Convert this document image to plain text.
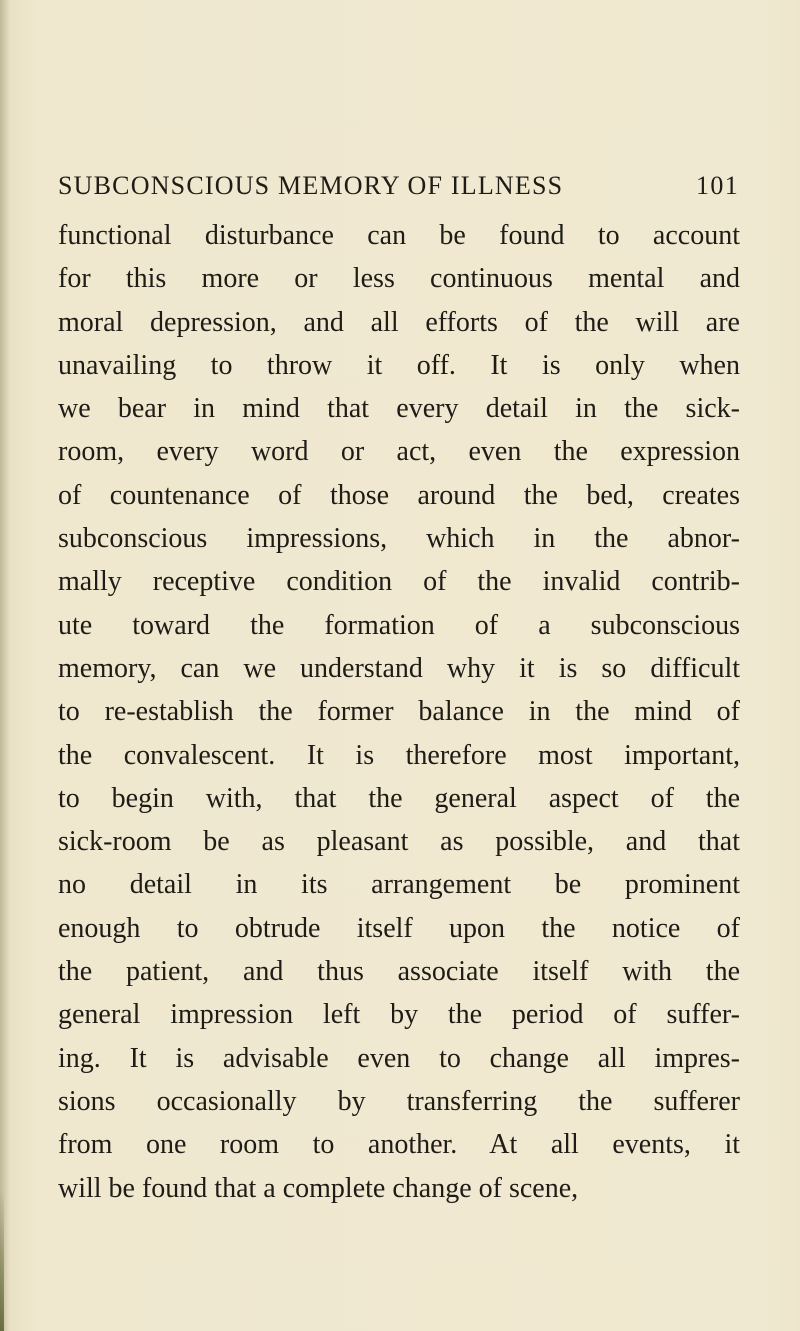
SUBCONSCIOUS MEMORY OF ILLNESS	101
functional disturbance can be found to account
for this more or less continuous mental and
moral depression, and all efforts of the will are
unavailing to throw it off. It is only when
we bear in mind that every detail in the sick-
room, every word or act, even the expression
of countenance of those around the bed, creates
subconscious impressions, which in the abnor-
mally receptive condition of the invalid contrib-
ute toward the formation of a subconscious
memory, can we understand why it is so difficult
to re-establish the former balance in the mind of
the convalescent. It is therefore most important,
to begin with, that the general aspect of the
sick-room be as pleasant as possible, and that
no detail in its arrangement be prominent
enough to obtrude itself upon the notice of
the patient, and thus associate itself with the
general impression left by the period of suffer-
ing. It is advisable even to change all impres-
sions occasionally by transferring the sufferer
from one room to another. At all events, it
will be found that a complete change of scene,
